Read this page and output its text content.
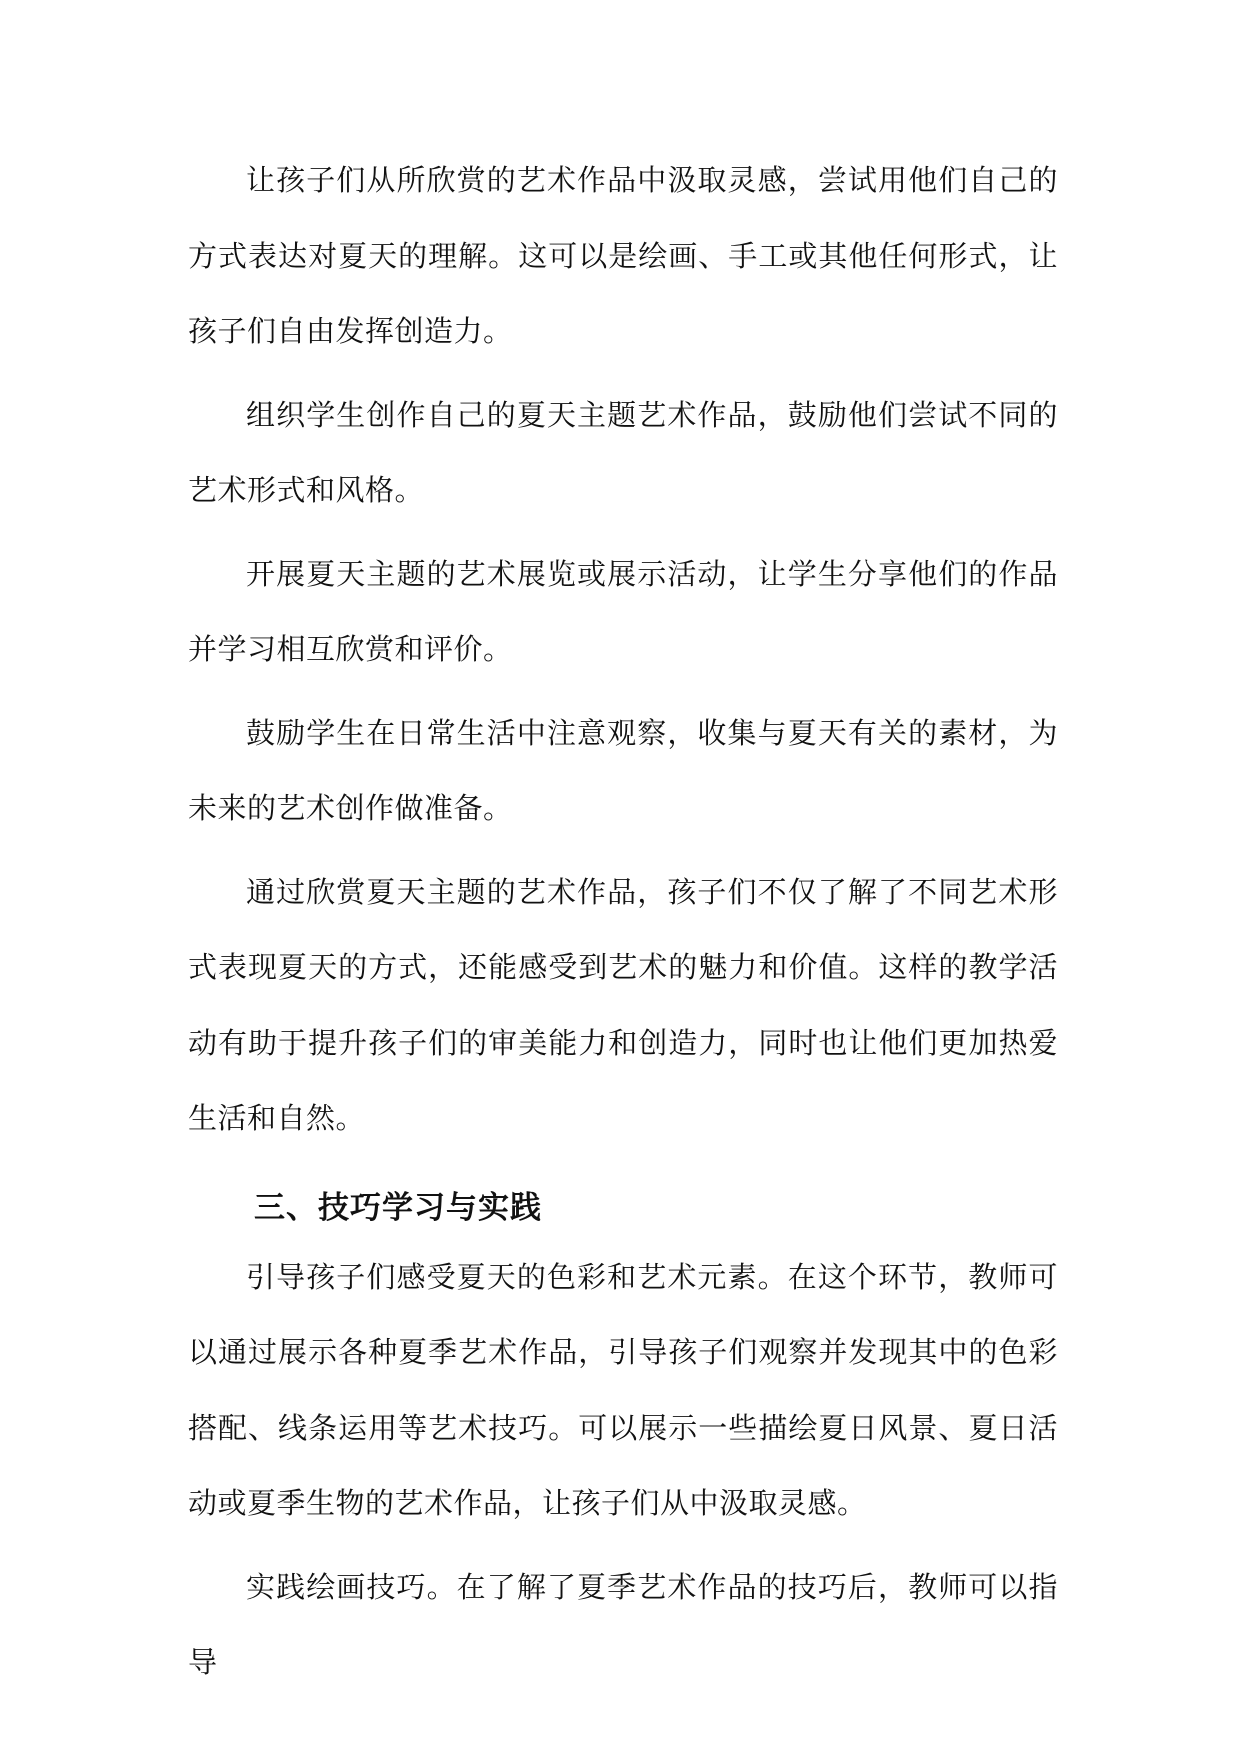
让孩子们从所欣赏的艺术作品中汲取灵感，尝试用他们自己的方式表达对夏天的理解。这可以是绘画、手工或其他任何形式，让孩子们自由发挥创造力。

组织学生创作自己的夏天主题艺术作品，鼓励他们尝试不同的艺术形式和风格。

开展夏天主题的艺术展览或展示活动，让学生分享他们的作品并学习相互欣赏和评价。

鼓励学生在日常生活中注意观察，收集与夏天有关的素材，为未来的艺术创作做准备。

通过欣赏夏天主题的艺术作品，孩子们不仅了解了不同艺术形式表现夏天的方式，还能感受到艺术的魅力和价值。这样的教学活动有助于提升孩子们的审美能力和创造力，同时也让他们更加热爱生活和自然。

三、技巧学习与实践

引导孩子们感受夏天的色彩和艺术元素。在这个环节，教师可以通过展示各种夏季艺术作品，引导孩子们观察并发现其中的色彩搭配、线条运用等艺术技巧。可以展示一些描绘夏日风景、夏日活动或夏季生物的艺术作品，让孩子们从中汲取灵感。

实践绘画技巧。在了解了夏季艺术作品的技巧后，教师可以指导
